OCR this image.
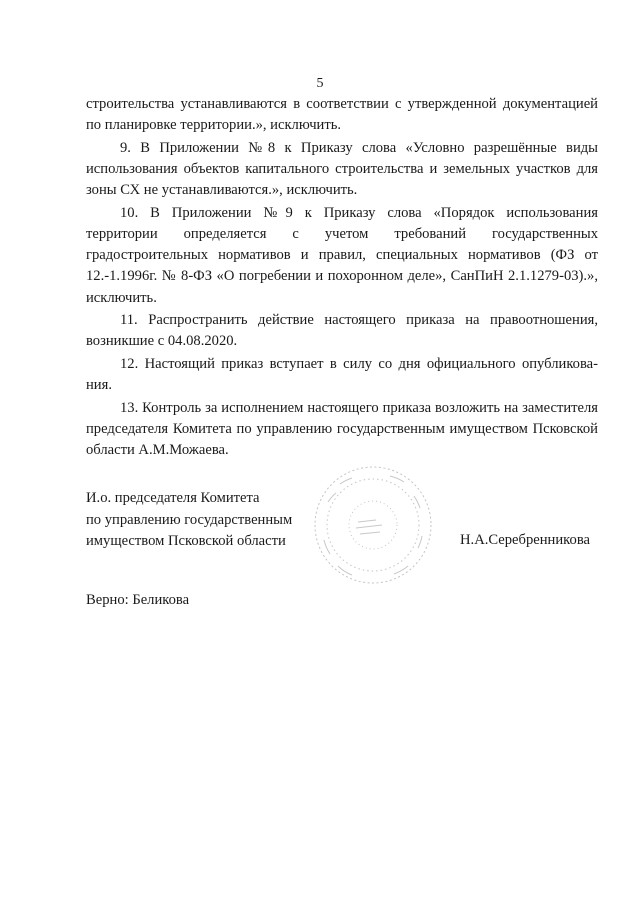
5

строительства устанавливаются в соответствии с утвержденной документацией по планировке территории.», исключить.

9. В Приложении №8 к Приказу слова «Условно разрешённые виды использования объектов капитального строительства и земельных участков для зоны СХ не устанавливаются.», исключить.

10. В Приложении №9 к Приказу слова «Порядок использования территории определяется с учетом требований государственных градостроительных нормативов и правил, специальных нормативов (ФЗ от 12.-1.1996г. № 8-ФЗ «О погребении и похоронном деле», СанПиН 2.1.1279-03).», исключить.

11. Распространить действие настоящего приказа на правоотношения, возникшие с 04.08.2020.

12. Настоящий приказ вступает в силу со дня официального опубликова-ния.

13. Контроль за исполнением настоящего приказа возложить на заместителя председателя Комитета по управлению государственным имуществом Псковской области А.М.Можаева.

И.о. председателя Комитета
по управлению государственным
имуществом Псковской области	Н.А.Серебренникова
Верно: Беликова
